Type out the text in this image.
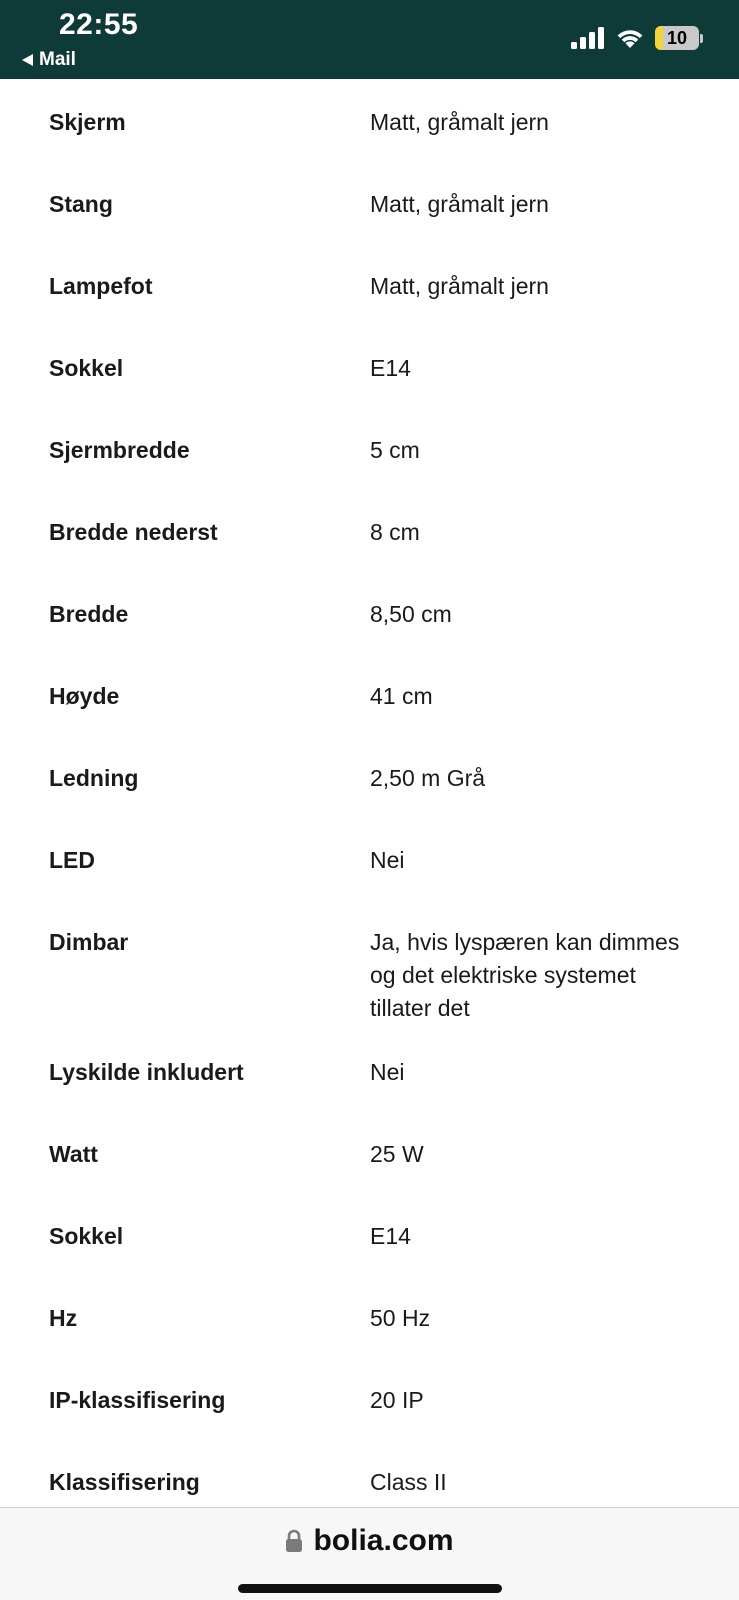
22:55
Mail
10
Skjerm	Matt, gråmalt jern
Stang	Matt, gråmalt jern
Lampefot	Matt, gråmalt jern
Sokkel	E14
Sjermbredde	5 cm
Bredde nederst	8 cm
Bredde	8,50 cm
Høyde	41 cm
Ledning	2,50 m Grå
LED	Nei
Dimbar	Ja, hvis lyspæren kan dimmes og det elektriske systemet tillater det
Lyskilde inkludert	Nei
Watt	25 W
Sokkel	E14
Hz	50 Hz
IP-klassifisering	20 IP
Klassifisering	Class II
bolia.com
